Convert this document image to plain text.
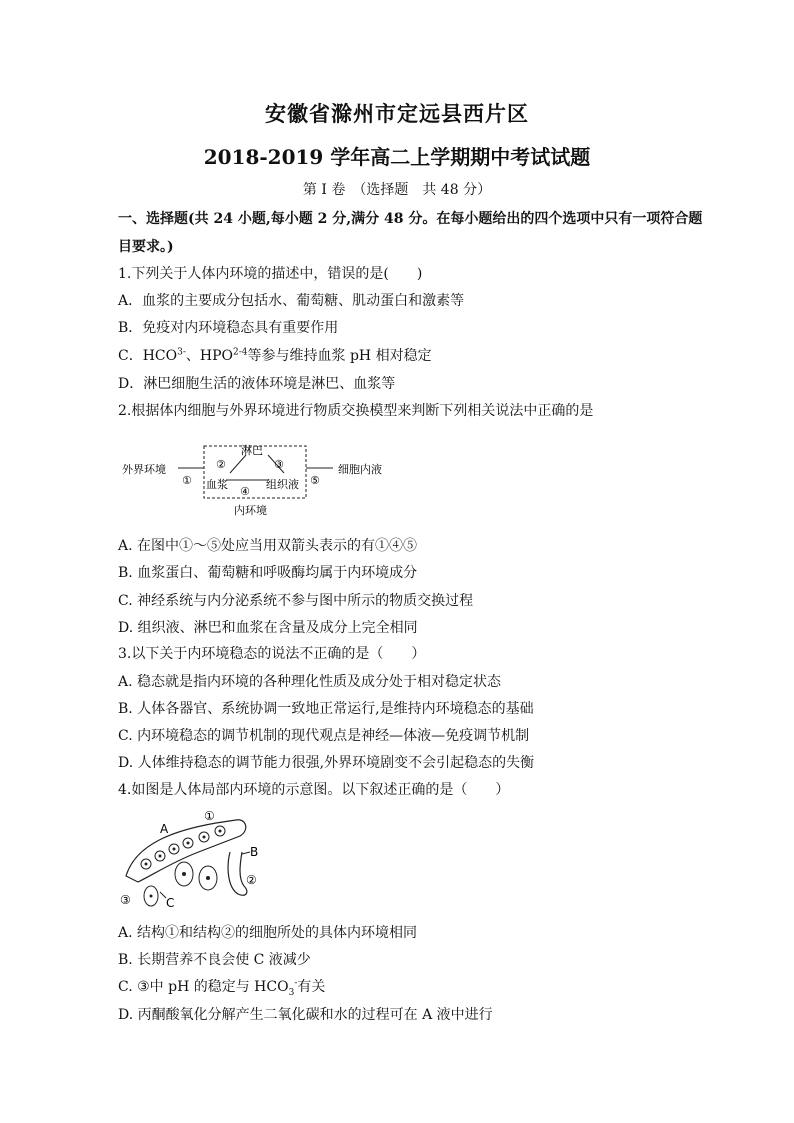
安徽省滁州市定远县西片区
2018-2019 学年高二上学期期中考试试题
第 I 卷　（选择题　共 48 分）
一、选择题(共 24 小题,每小题 2 分,满分 48 分。在每小题给出的四个选项中只有一项符合题
目要求。)
1.下列关于人体内环境的描述中，错误的是(　　)
A．血浆的主要成分包括水、葡萄糖、肌动蛋白和激素等
B．免疫对内环境稳态具有重要作用
C．$HCO^{3-}$、HPO$^{2-4}$等参与维持血浆 pH 相对稳定
D．淋巴细胞生活的液体环境是淋巴、血浆等
2.根据体内细胞与外界环境进行物质交换模型来判断下列相关说法中正确的是
外界环境
①
淋巴
②	③
血浆	组织液
④
⑤
细胞内液
内环境
A. 在图中①～⑤处应当用双箭头表示的有①④⑤
B. 血浆蛋白、葡萄糖和呼吸酶均属于内环境成分
C. 神经系统与内分泌系统不参与图中所示的物质交换过程
D. 组织液、淋巴和血浆在含量及成分上完全相同
3.以下关于内环境稳态的说法不正确的是（　　）
A. 稳态就是指内环境的各种理化性质及成分处于相对稳定状态
B. 人体各器官、系统协调一致地正常运行,是维持内环境稳态的基础
C. 内环境稳态的调节机制的现代观点是神经—体液—免疫调节机制
D. 人体维持稳态的调节能力很强,外界环境剧变不会引起稳态的失衡
4.如图是人体局部内环境的示意图。以下叙述正确的是（　　）
A
①
B
②
③	C
A. 结构①和结构②的细胞所处的具体内环境相同
B. 长期营养不良会使 C 液减少
C. ③中 pH 的稳定与 $HCO_3^-$有关
D. 丙酮酸氧化分解产生二氧化碳和水的过程可在 A 液中进行
